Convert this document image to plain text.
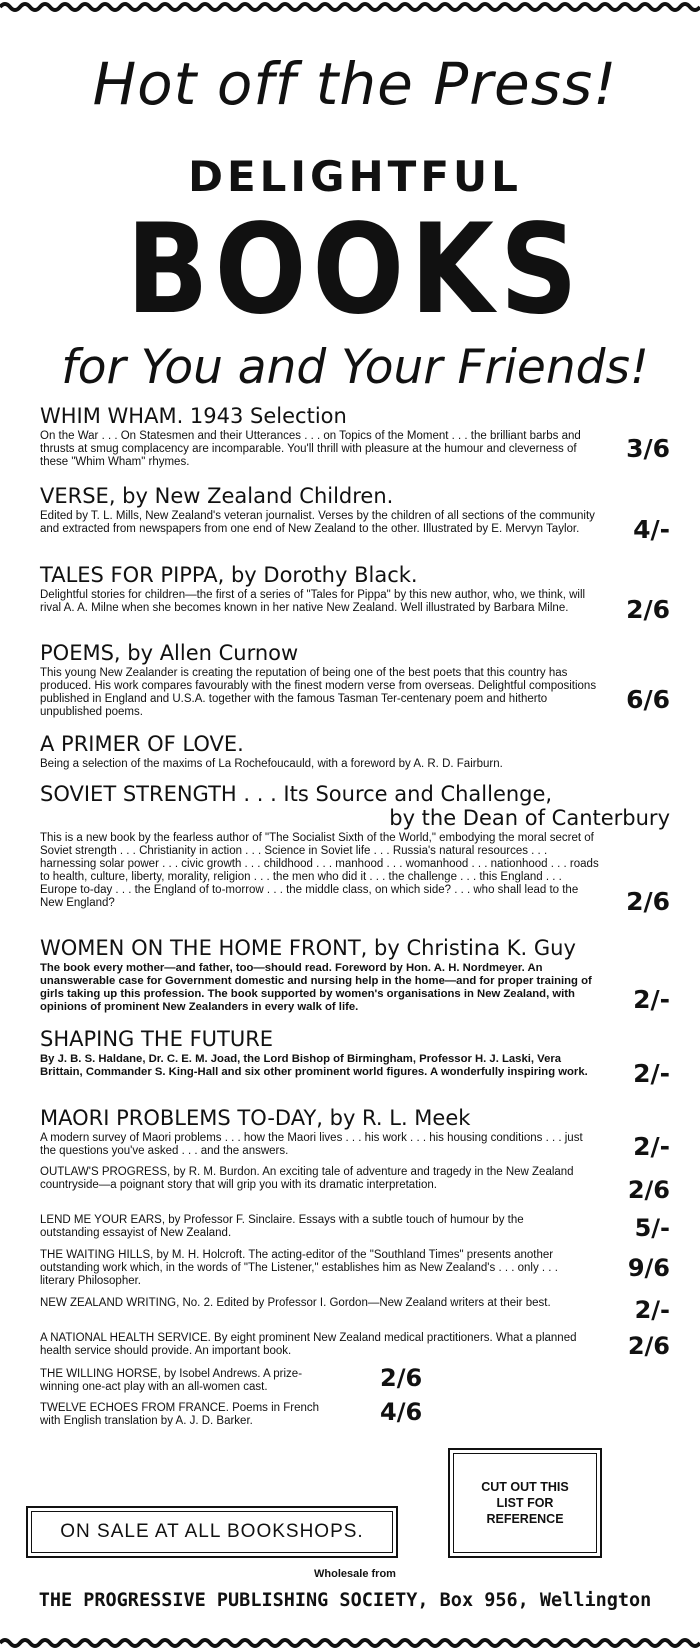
Hot off the Press!
DELIGHTFUL
BOOKS
for You and Your Friends!
WHIM WHAM. 1943 Selection
On the War . . . On Statesmen and their Utterances . . . on Topics of the Moment . . . the brilliant barbs and thrusts at smug complacency are incomparable. You'll thrill with pleasure at the humour and cleverness of these "Whim Wham" rhymes.	3/6
VERSE, by New Zealand Children.
Edited by T. L. Mills, New Zealand's veteran journalist. Verses by the children of all sections of the community and extracted from newspapers from one end of New Zealand to the other. Illustrated by E. Mervyn Taylor.	4/-
TALES FOR PIPPA, by Dorothy Black.
Delightful stories for children—the first of a series of "Tales for Pippa" by this new author, who, we think, will rival A. A. Milne when she becomes known in her native New Zealand. Well illustrated by Barbara Milne.	2/6
POEMS, by Allen Curnow
This young New Zealander is creating the reputation of being one of the best poets that this country has produced. His work compares favourably with the finest modern verse from overseas. Delightful compositions published in England and U.S.A. together with the famous Tasman Ter-centenary poem and hitherto unpublished poems.	6/6
A PRIMER OF LOVE.
Being a selection of the maxims of La Rochefoucauld, with a foreword by A. R. D. Fairburn.
SOVIET STRENGTH . . . Its Source and Challenge,
by the Dean of Canterbury
This is a new book by the fearless author of "The Socialist Sixth of the World," embodying the moral secret of Soviet strength . . . Christianity in action . . . Science in Soviet life . . . Russia's natural resources . . . harnessing solar power . . . civic growth . . . childhood . . . manhood . . . womanhood . . . nationhood . . . roads to health, culture, liberty, morality, religion . . . the men who did it . . . the challenge . . . this England . . . Europe to-day . . . the England of to-morrow . . . the middle class, on which side? . . . who shall lead to the New England?	2/6
WOMEN ON THE HOME FRONT, by Christina K. Guy
The book every mother—and father, too—should read. Foreword by Hon. A. H. Nordmeyer. An unanswerable case for Government domestic and nursing help in the home—and for proper training of girls taking up this profession. The book supported by women's organisations in New Zealand, with opinions of prominent New Zealanders in every walk of life.	2/-
SHAPING THE FUTURE
By J. B. S. Haldane, Dr. C. E. M. Joad, the Lord Bishop of Birmingham, Professor H. J. Laski, Vera Brittain, Commander S. King-Hall and six other prominent world figures. A wonderfully inspiring work.	2/-
MAORI PROBLEMS TO-DAY, by R. L. Meek
A modern survey of Maori problems . . . how the Maori lives . . . his work . . . his housing conditions . . . just the questions you've asked . . . and the answers.	2/-
OUTLAW'S PROGRESS, by R. M. Burdon. An exciting tale of adventure and tragedy in the New Zealand countryside—a poignant story that will grip you with its dramatic interpretation.	2/6
LEND ME YOUR EARS, by Professor F. Sinclaire. Essays with a subtle touch of humour by the outstanding essayist of New Zealand.	5/-
THE WAITING HILLS, by M. H. Holcroft. The acting-editor of the "Southland Times" presents another outstanding work which, in the words of "The Listener," establishes him as New Zealand's . . . only . . . literary Philosopher.	9/6
NEW ZEALAND WRITING, No. 2. Edited by Professor I. Gordon—New Zealand writers at their best.	2/-
A NATIONAL HEALTH SERVICE. By eight prominent New Zealand medical practitioners. What a planned health service should provide. An important book.	2/6
THE WILLING HORSE, by Isobel Andrews. A prize-winning one-act play with an all-women cast.	2/6
TWELVE ECHOES FROM FRANCE. Poems in French with English translation by A. J. D. Barker.	4/6
ON SALE AT ALL BOOKSHOPS.
CUT OUT THIS LIST FOR REFERENCE
Wholesale from
THE PROGRESSIVE PUBLISHING SOCIETY, Box 956, Wellington
